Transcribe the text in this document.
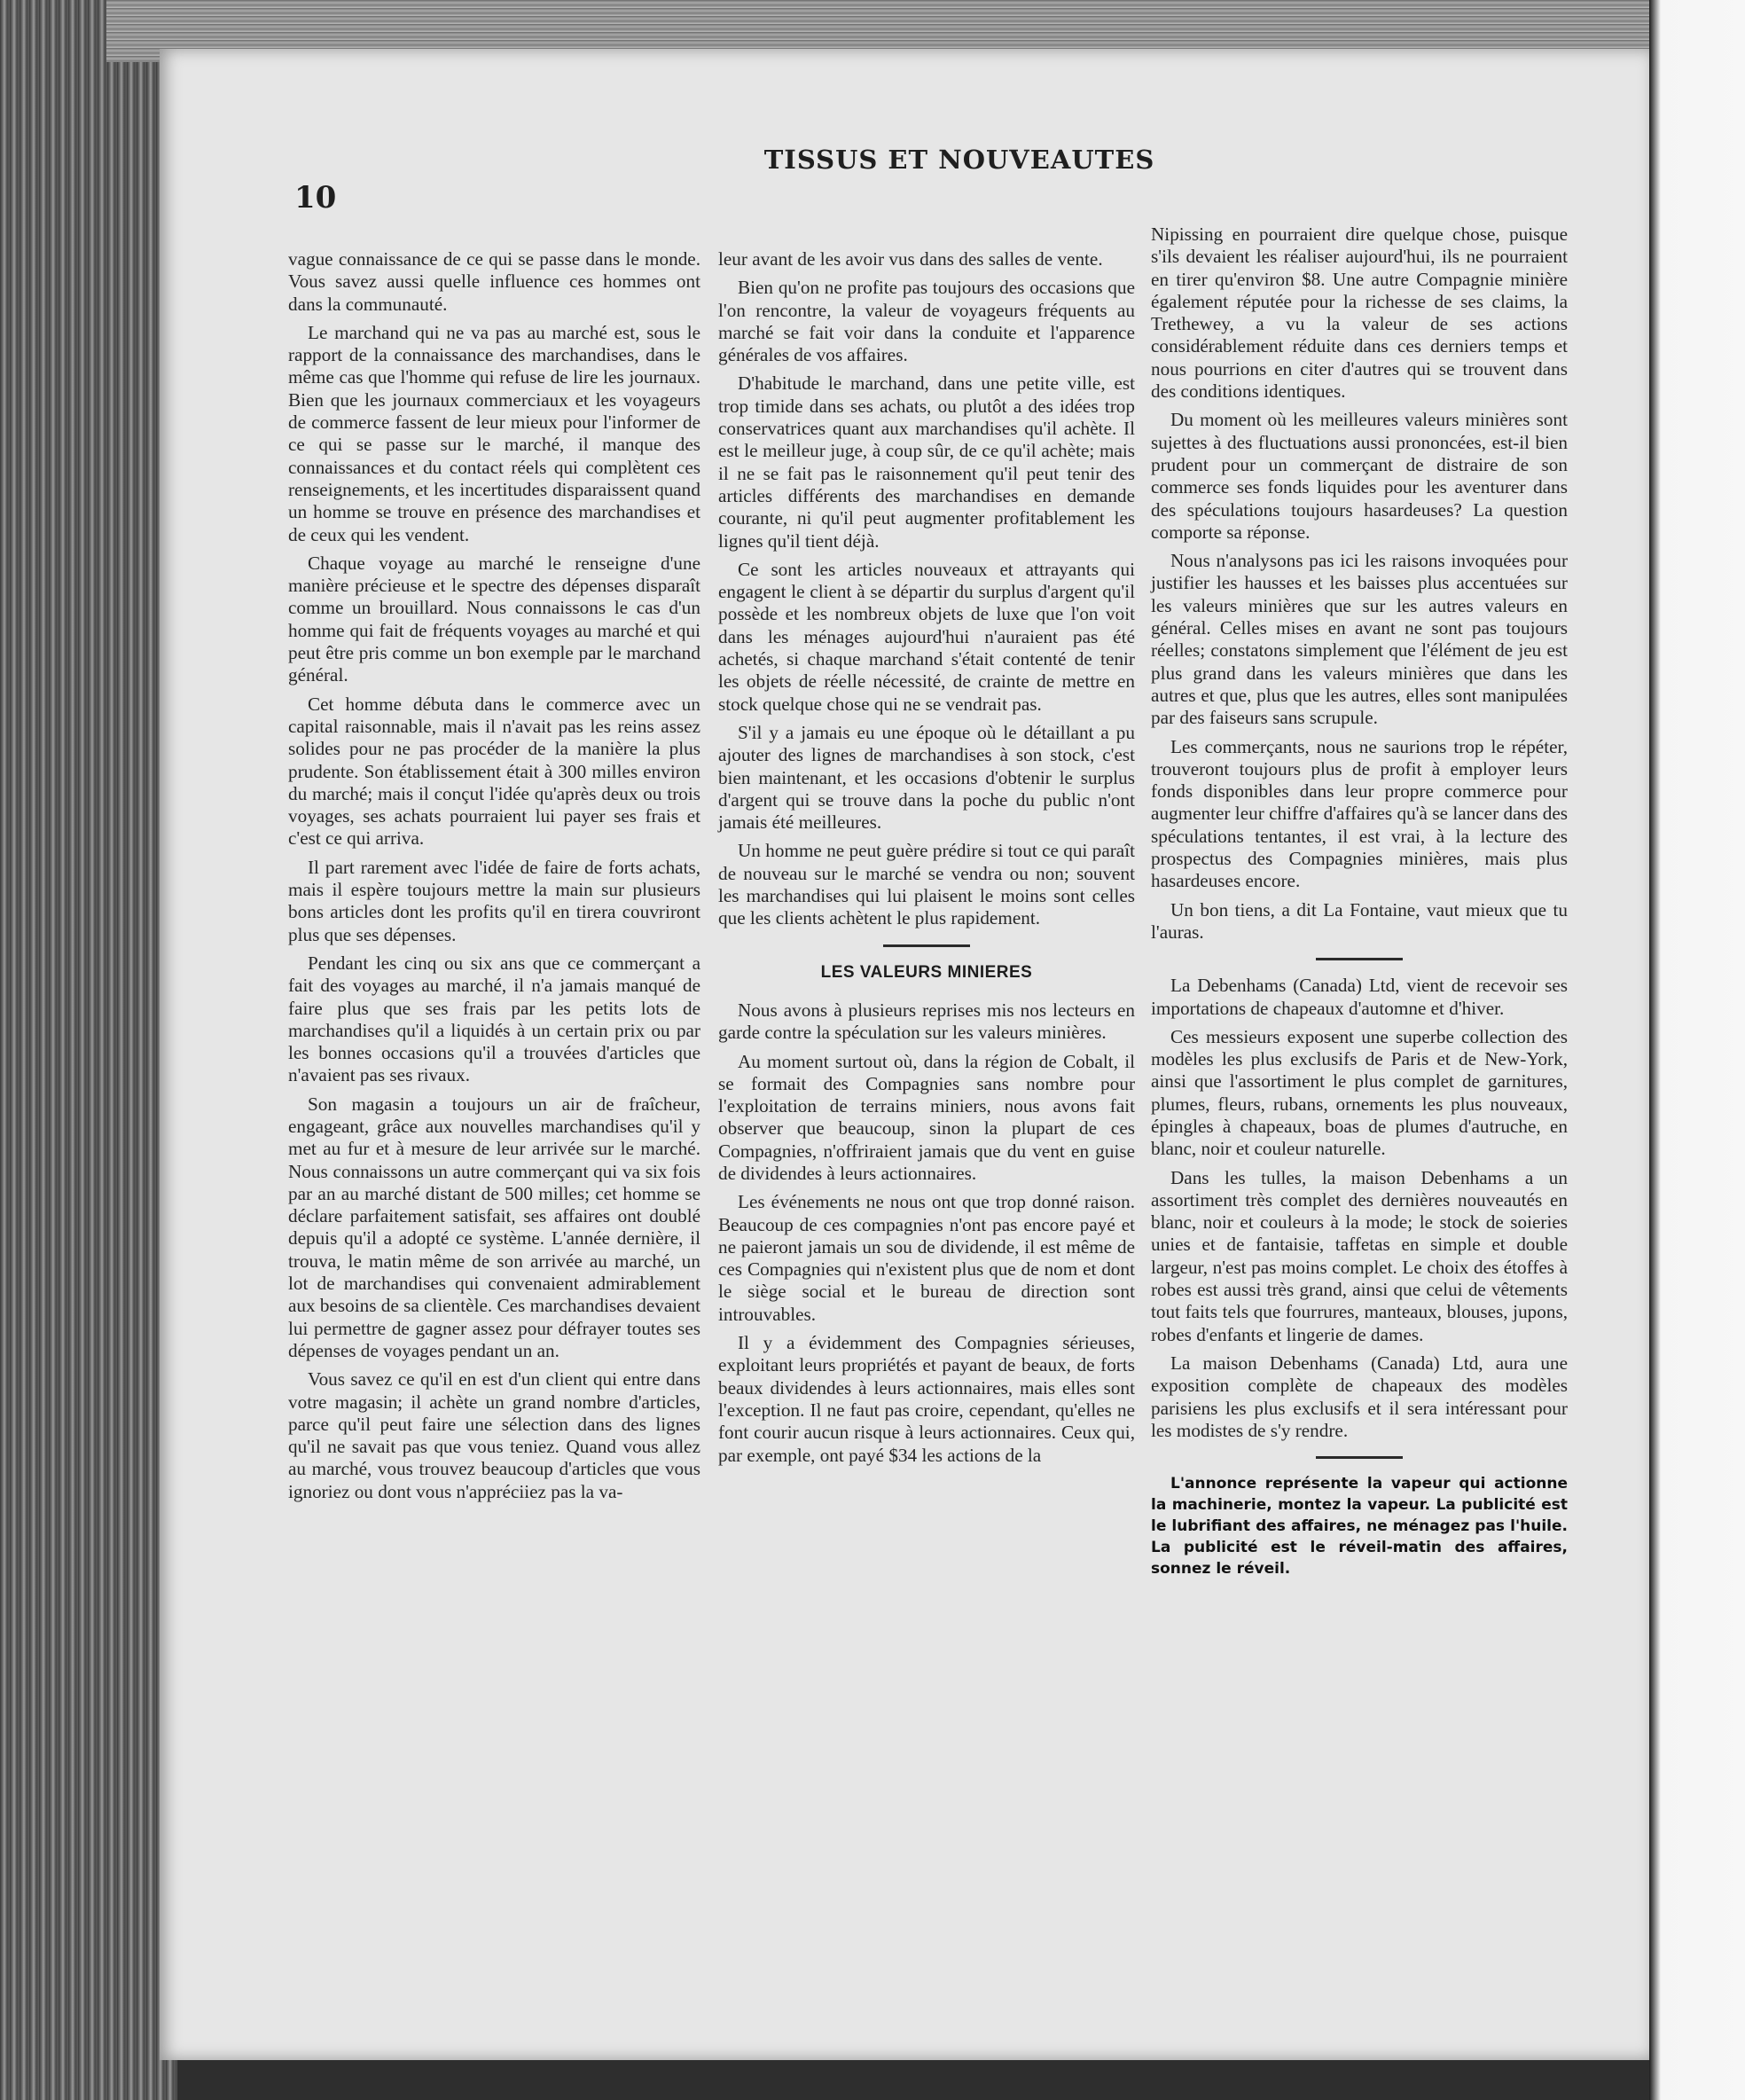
10
TISSUS ET NOUVEAUTES

vague connaissance de ce qui se passe dans le monde. Vous savez aussi quelle influence ces hommes ont dans la communauté.

Le marchand qui ne va pas au marché est, sous le rapport de la connaissance des marchandises, dans le même cas que l'homme qui refuse de lire les journaux. Bien que les journaux commerciaux et les voyageurs de commerce fassent de leur mieux pour l'informer de ce qui se passe sur le marché, il manque des connaissances et du contact réels qui complètent ces renseignements, et les incertitudes disparaissent quand un homme se trouve en présence des marchandises et de ceux qui les vendent.

Chaque voyage au marché le renseigne d'une manière précieuse et le spectre des dépenses disparaît comme un brouillard. Nous connaissons le cas d'un homme qui fait de fréquents voyages au marché et qui peut être pris comme un bon exemple par le marchand général.

Cet homme débuta dans le commerce avec un capital raisonnable, mais il n'avait pas les reins assez solides pour ne pas procéder de la manière la plus prudente. Son établissement était à 300 milles environ du marché; mais il conçut l'idée qu'après deux ou trois voyages, ses achats pourraient lui payer ses frais et c'est ce qui arriva.

Il part rarement avec l'idée de faire de forts achats, mais il espère toujours mettre la main sur plusieurs bons articles dont les profits qu'il en tirera couvriront plus que ses dépenses.

Pendant les cinq ou six ans que ce commerçant a fait des voyages au marché, il n'a jamais manqué de faire plus que ses frais par les petits lots de marchandises qu'il a liquidés à un certain prix ou par les bonnes occasions qu'il a trouvées d'articles que n'avaient pas ses rivaux.

Son magasin a toujours un air de fraîcheur, engageant, grâce aux nouvelles marchandises qu'il y met au fur et à mesure de leur arrivée sur le marché. Nous connaissons un autre commerçant qui va six fois par an au marché distant de 500 milles; cet homme se déclare parfaitement satisfait, ses affaires ont doublé depuis qu'il a adopté ce système. L'année dernière, il trouva, le matin même de son arrivée au marché, un lot de marchandises qui convenaient admirablement aux besoins de sa clientèle. Ces marchandises devaient lui permettre de gagner assez pour défrayer toutes ses dépenses de voyages pendant un an.

Vous savez ce qu'il en est d'un client qui entre dans votre magasin; il achète un grand nombre d'articles, parce qu'il peut faire une sélection dans des lignes qu'il ne savait pas que vous teniez. Quand vous allez au marché, vous trouvez beaucoup d'articles que vous ignoriez ou dont vous n'appréciiez pas la va-

leur avant de les avoir vus dans des salles de vente.

Bien qu'on ne profite pas toujours des occasions que l'on rencontre, la valeur de voyageurs fréquents au marché se fait voir dans la conduite et l'apparence générales de vos affaires.

D'habitude le marchand, dans une petite ville, est trop timide dans ses achats, ou plutôt a des idées trop conservatrices quant aux marchandises qu'il achète. Il est le meilleur juge, à coup sûr, de ce qu'il achète; mais il ne se fait pas le raisonnement qu'il peut tenir des articles différents des marchandises en demande courante, ni qu'il peut augmenter profitablement les lignes qu'il tient déjà.

Ce sont les articles nouveaux et attrayants qui engagent le client à se départir du surplus d'argent qu'il possède et les nombreux objets de luxe que l'on voit dans les ménages aujourd'hui n'auraient pas été achetés, si chaque marchand s'était contenté de tenir les objets de réelle nécessité, de crainte de mettre en stock quelque chose qui ne se vendrait pas.

S'il y a jamais eu une époque où le détaillant a pu ajouter des lignes de marchandises à son stock, c'est bien maintenant, et les occasions d'obtenir le surplus d'argent qui se trouve dans la poche du public n'ont jamais été meilleures.

Un homme ne peut guère prédire si tout ce qui paraît de nouveau sur le marché se vendra ou non; souvent les marchandises qui lui plaisent le moins sont celles que les clients achètent le plus rapidement.

LES VALEURS MINIERES

Nous avons à plusieurs reprises mis nos lecteurs en garde contre la spéculation sur les valeurs minières.

Au moment surtout où, dans la région de Cobalt, il se formait des Compagnies sans nombre pour l'exploitation de terrains miniers, nous avons fait observer que beaucoup, sinon la plupart de ces Compagnies, n'offriraient jamais que du vent en guise de dividendes à leurs actionnaires.

Les événements ne nous ont que trop donné raison. Beaucoup de ces compagnies n'ont pas encore payé et ne paieront jamais un sou de dividende, il est même de ces Compagnies qui n'existent plus que de nom et dont le siège social et le bureau de direction sont introuvables.

Il y a évidemment des Compagnies sérieuses, exploitant leurs propriétés et payant de beaux, de forts beaux dividendes à leurs actionnaires, mais elles sont l'exception. Il ne faut pas croire, cependant, qu'elles ne font courir aucun risque à leurs actionnaires. Ceux qui, par exemple, ont payé $34 les actions de la

Nipissing en pourraient dire quelque chose, puisque s'ils devaient les réaliser aujourd'hui, ils ne pourraient en tirer qu'environ $8. Une autre Compagnie minière également réputée pour la richesse de ses claims, la Trethewey, a vu la valeur de ses actions considérablement réduite dans ces derniers temps et nous pourrions en citer d'autres qui se trouvent dans des conditions identiques.

Du moment où les meilleures valeurs minières sont sujettes à des fluctuations aussi prononcées, est-il bien prudent pour un commerçant de distraire de son commerce ses fonds liquides pour les aventurer dans des spéculations toujours hasardeuses? La question comporte sa réponse.

Nous n'analysons pas ici les raisons invoquées pour justifier les hausses et les baisses plus accentuées sur les valeurs minières que sur les autres valeurs en général. Celles mises en avant ne sont pas toujours réelles; constatons simplement que l'élément de jeu est plus grand dans les valeurs minières que dans les autres et que, plus que les autres, elles sont manipulées par des faiseurs sans scrupule.

Les commerçants, nous ne saurions trop le répéter, trouveront toujours plus de profit à employer leurs fonds disponibles dans leur propre commerce pour augmenter leur chiffre d'affaires qu'à se lancer dans des spéculations tentantes, il est vrai, à la lecture des prospectus des Compagnies minières, mais plus hasardeuses encore.

Un bon tiens, a dit La Fontaine, vaut mieux que tu l'auras.

La Debenhams (Canada) Ltd, vient de recevoir ses importations de chapeaux d'automne et d'hiver.

Ces messieurs exposent une superbe collection des modèles les plus exclusifs de Paris et de New-York, ainsi que l'assortiment le plus complet de garnitures, plumes, fleurs, rubans, ornements les plus nouveaux, épingles à chapeaux, boas de plumes d'autruche, en blanc, noir et couleur naturelle.

Dans les tulles, la maison Debenhams a un assortiment très complet des dernières nouveautés en blanc, noir et couleurs à la mode; le stock de soieries unies et de fantaisie, taffetas en simple et double largeur, n'est pas moins complet. Le choix des étoffes à robes est aussi très grand, ainsi que celui de vêtements tout faits tels que fourrures, manteaux, blouses, jupons, robes d'enfants et lingerie de dames.

La maison Debenhams (Canada) Ltd, aura une exposition complète de chapeaux des modèles parisiens les plus exclusifs et il sera intéressant pour les modistes de s'y rendre.

L'annonce représente la vapeur qui actionne la machinerie, montez la vapeur. La publicité est le lubrifiant des affaires, ne ménagez pas l'huile. La publicité est le réveil-matin des affaires, sonnez le réveil.
